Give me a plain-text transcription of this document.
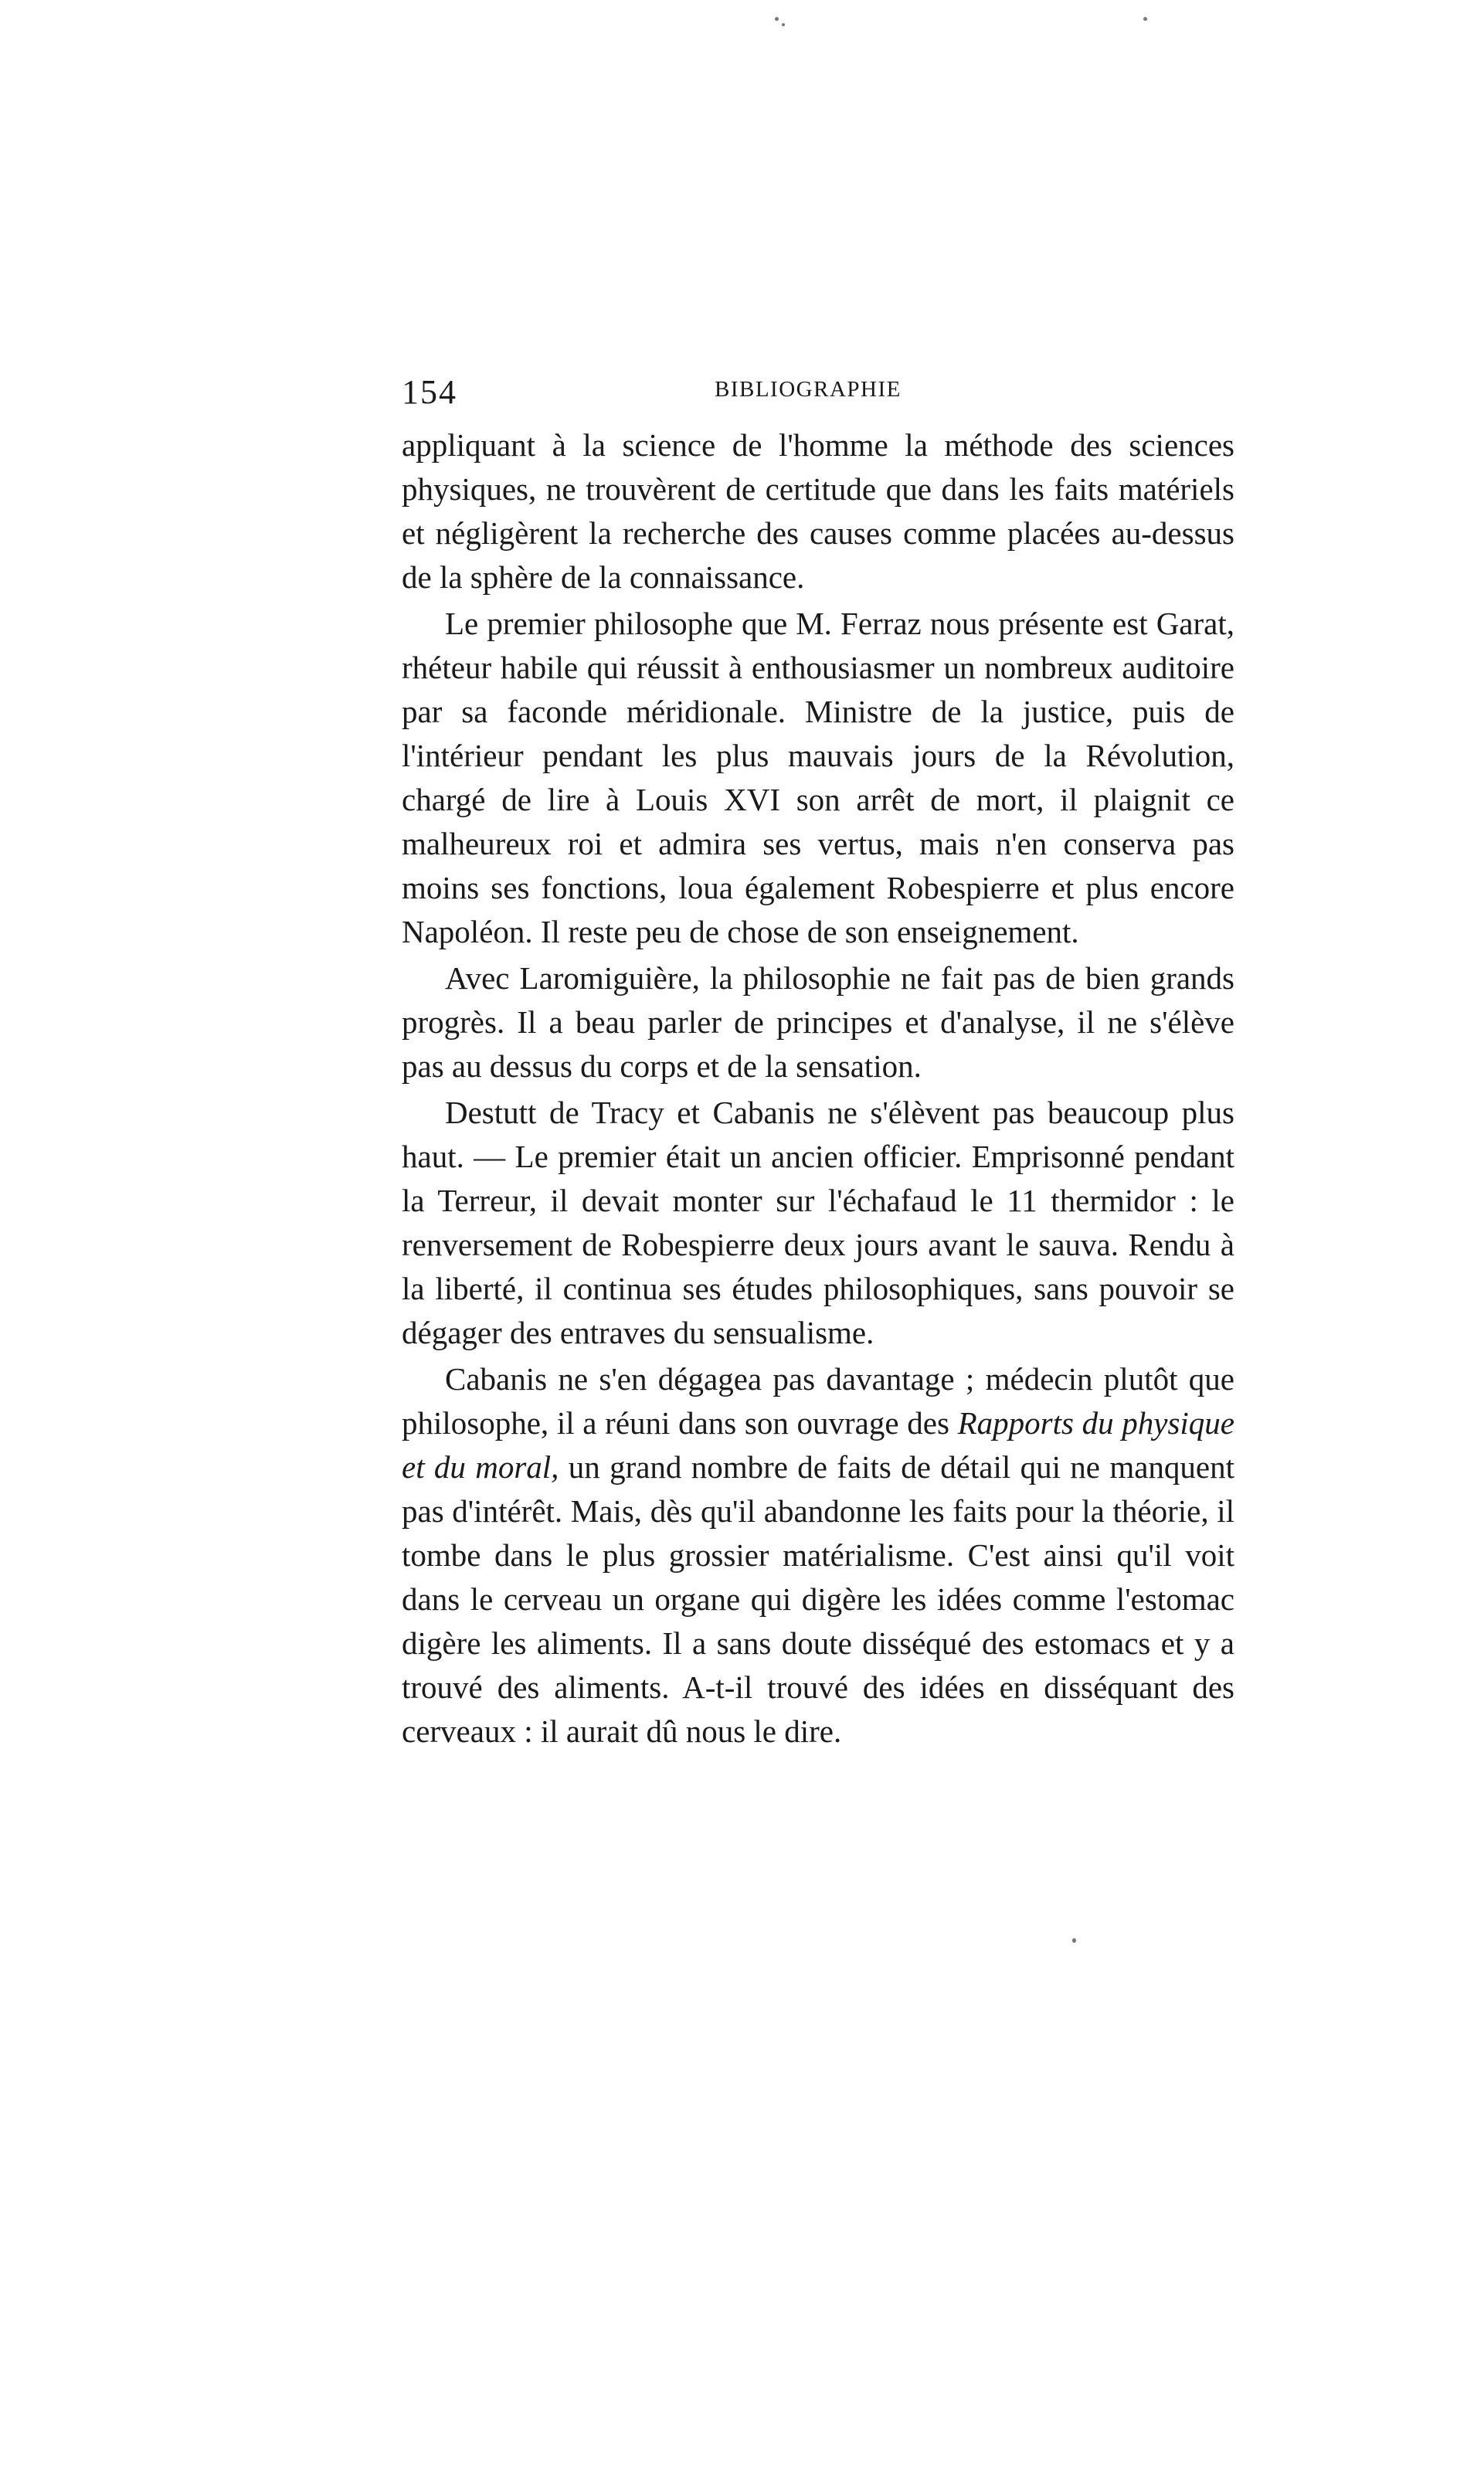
154	BIBLIOGRAPHIE

appliquant à la science de l'homme la méthode des sciences physiques, ne trouvèrent de certitude que dans les faits matériels et négligèrent la recherche des causes comme placées au-dessus de la sphère de la connaissance.

Le premier philosophe que M. Ferraz nous présente est Garat, rhéteur habile qui réussit à enthousiasmer un nombreux auditoire par sa faconde méridionale. Ministre de la justice, puis de l'intérieur pendant les plus mauvais jours de la Révolution, chargé de lire à Louis XVI son arrêt de mort, il plaignit ce malheureux roi et admira ses vertus, mais n'en conserva pas moins ses fonctions, loua également Robespierre et plus encore Napoléon. Il reste peu de chose de son enseignement.

Avec Laromiguière, la philosophie ne fait pas de bien grands progrès. Il a beau parler de principes et d'analyse, il ne s'élève pas au dessus du corps et de la sensation.

Destutt de Tracy et Cabanis ne s'élèvent pas beaucoup plus haut. — Le premier était un ancien officier. Emprisonné pendant la Terreur, il devait monter sur l'échafaud le 11 thermidor : le renversement de Robespierre deux jours avant le sauva. Rendu à la liberté, il continua ses études philosophiques, sans pouvoir se dégager des entraves du sensualisme.

Cabanis ne s'en dégagea pas davantage ; médecin plutôt que philosophe, il a réuni dans son ouvrage des Rapports du physique et du moral, un grand nombre de faits de détail qui ne manquent pas d'intérêt. Mais, dès qu'il abandonne les faits pour la théorie, il tombe dans le plus grossier matérialisme. C'est ainsi qu'il voit dans le cerveau un organe qui digère les idées comme l'estomac digère les aliments. Il a sans doute disséqué des estomacs et y a trouvé des aliments. A-t-il trouvé des idées en disséquant des cerveaux : il aurait dû nous le dire.
